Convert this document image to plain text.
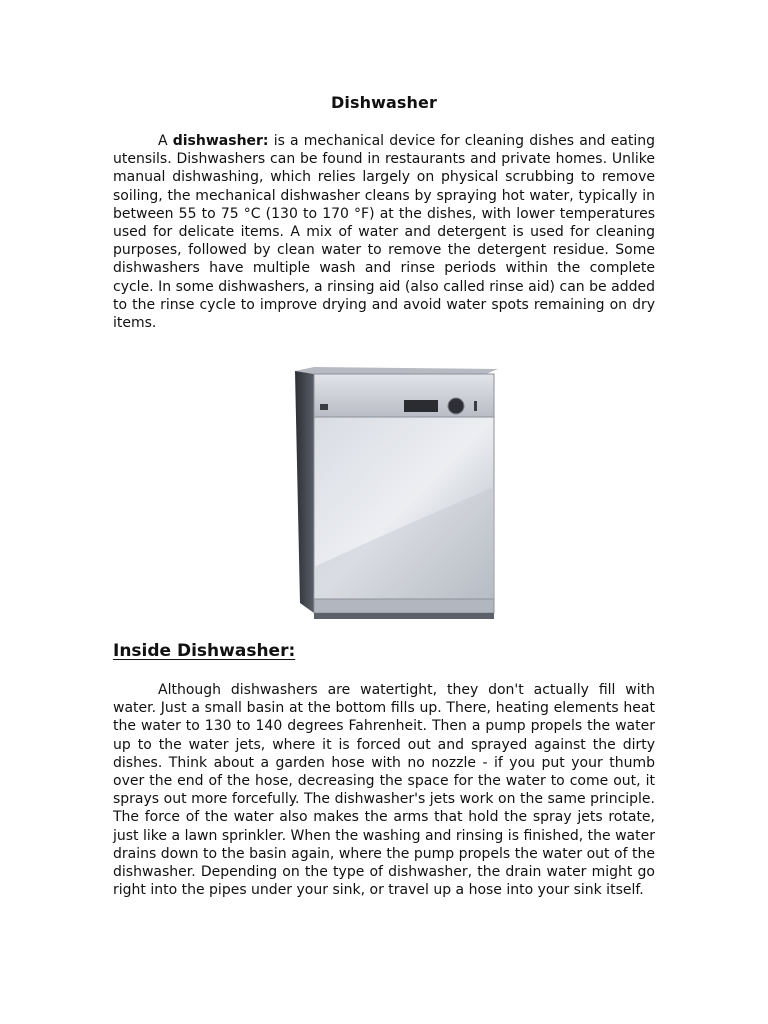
Dishwasher

A dishwasher: is a mechanical device for cleaning dishes and eating utensils. Dishwashers can be found in restaurants and private homes. Unlike manual dishwashing, which relies largely on physical scrubbing to remove soiling, the mechanical dishwasher cleans by spraying hot water, typically in between 55 to 75 °C (130 to 170 °F) at the dishes, with lower temperatures used for delicate items. A mix of water and detergent is used for cleaning purposes, followed by clean water to remove the detergent residue. Some dishwashers have multiple wash and rinse periods within the complete cycle. In some dishwashers, a rinsing aid (also called rinse aid) can be added to the rinse cycle to improve drying and avoid water spots remaining on dry items.

Inside Dishwasher:

Although dishwashers are watertight, they don't actually fill with water. Just a small basin at the bottom fills up. There, heating elements heat the water to 130 to 140 degrees Fahrenheit. Then a pump propels the water up to the water jets, where it is forced out and sprayed against the dirty dishes. Think about a garden hose with no nozzle - if you put your thumb over the end of the hose, decreasing the space for the water to come out, it sprays out more forcefully. The dishwasher's jets work on the same principle. The force of the water also makes the arms that hold the spray jets rotate, just like a lawn sprinkler. When the washing and rinsing is finished, the water drains down to the basin again, where the pump propels the water out of the dishwasher. Depending on the type of dishwasher, the drain water might go right into the pipes under your sink, or travel up a hose into your sink itself.
